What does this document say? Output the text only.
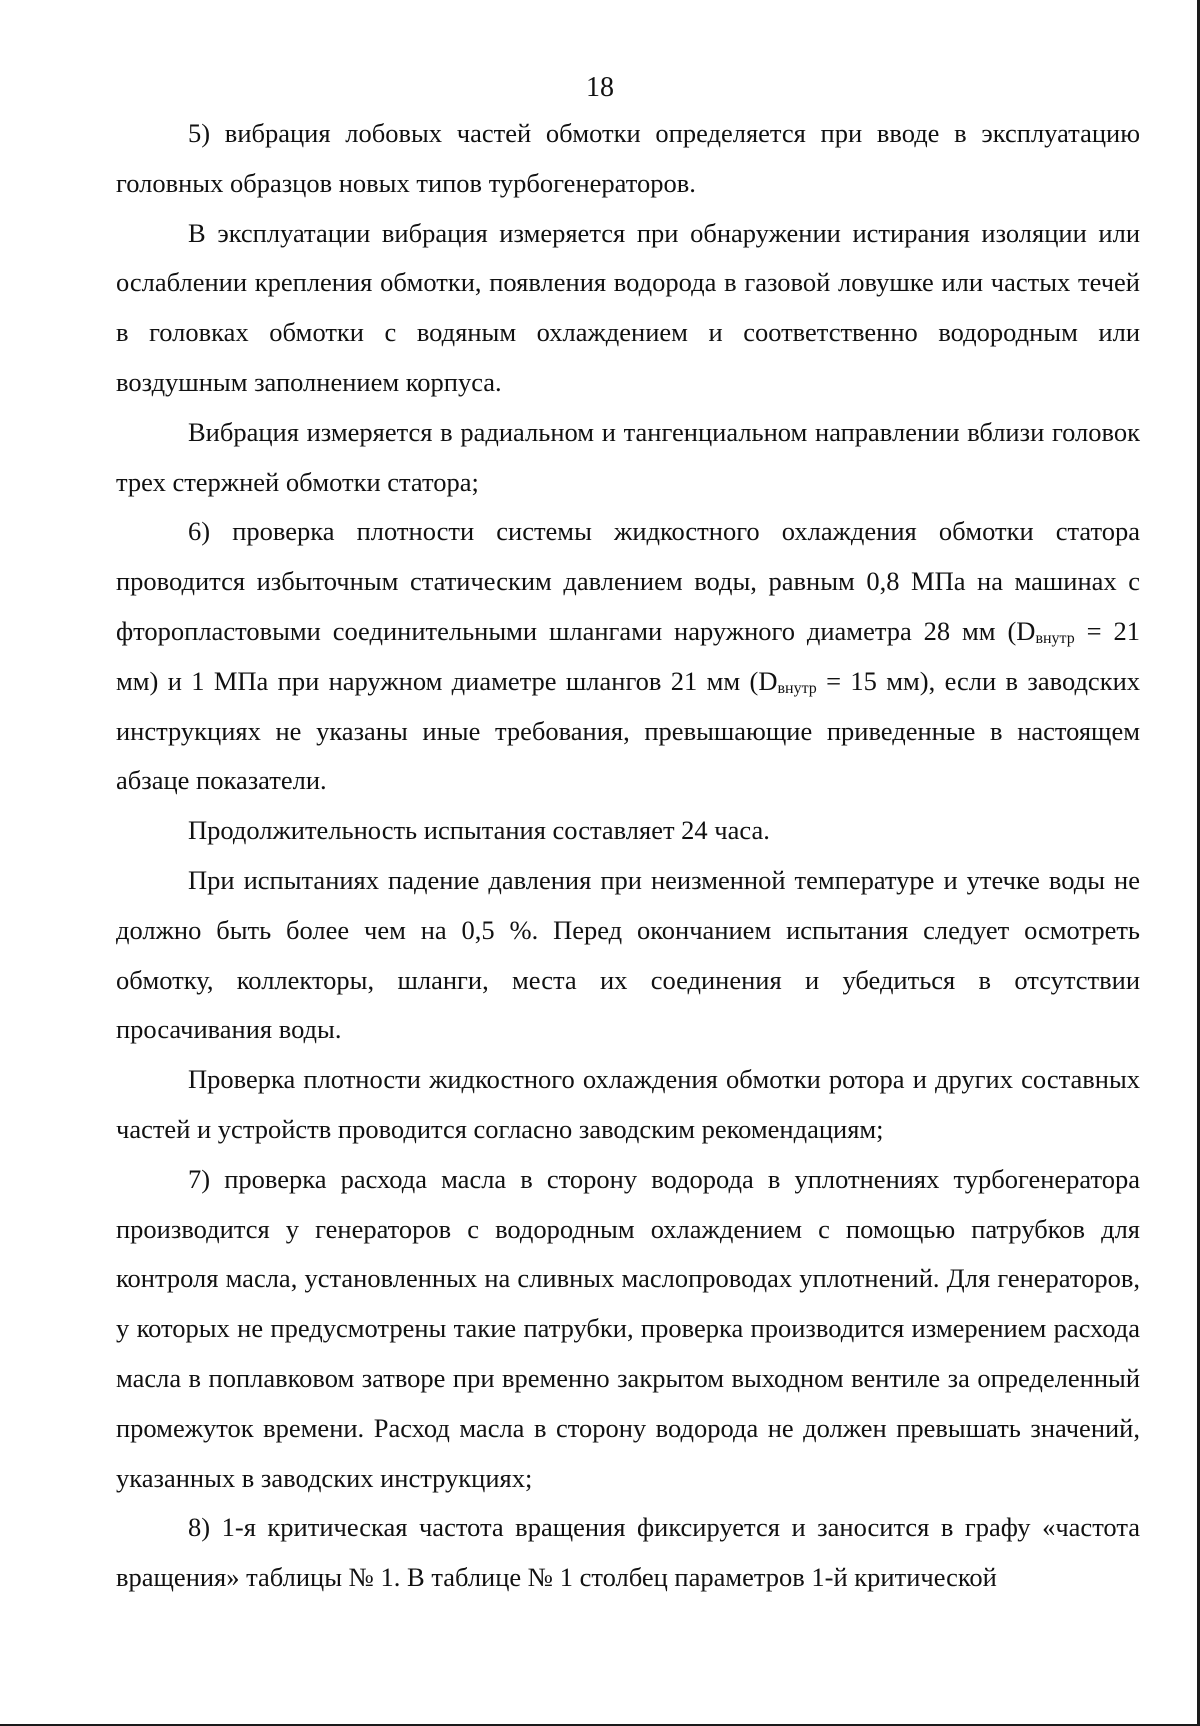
18

5) вибрация лобовых частей обмотки определяется при вводе в эксплуатацию головных образцов новых типов турбогенераторов.

В эксплуатации вибрация измеряется при обнаружении истирания изоляции или ослаблении крепления обмотки, появления водорода в газовой ловушке или частых течей в головках обмотки с водяным охлаждением и соответственно водородным или воздушным заполнением корпуса.

Вибрация измеряется в радиальном и тангенциальном направлении вблизи головок трех стержней обмотки статора;

6) проверка плотности системы жидкостного охлаждения обмотки статора проводится избыточным статическим давлением воды, равным 0,8 МПа на машинах с фторопластовыми соединительными шлангами наружного диаметра 28 мм ($D_{внутр} = 21$ мм) и 1 МПа при наружном диаметре шлангов 21 мм ($D_{внутр} = 15$ мм), если в заводских инструкциях не указаны иные требования, превышающие приведенные в настоящем абзаце показатели.

Продолжительность испытания составляет 24 часа.

При испытаниях падение давления при неизменной температуре и утечке воды не должно быть более чем на 0,5 %. Перед окончанием испытания следует осмотреть обмотку, коллекторы, шланги, места их соединения и убедиться в отсутствии просачивания воды.

Проверка плотности жидкостного охлаждения обмотки ротора и других составных частей и устройств проводится согласно заводским рекомендациям;

7) проверка расхода масла в сторону водорода в уплотнениях турбогенератора производится у генераторов с водородным охлаждением с помощью патрубков для контроля масла, установленных на сливных маслопроводах уплотнений. Для генераторов, у которых не предусмотрены такие патрубки, проверка производится измерением расхода масла в поплавковом затворе при временно закрытом выходном вентиле за определенный промежуток времени. Расход масла в сторону водорода не должен превышать значений, указанных в заводских инструкциях;

8) 1-я критическая частота вращения фиксируется и заносится в графу «частота вращения» таблицы № 1. В таблице № 1 столбец параметров 1-й критической
